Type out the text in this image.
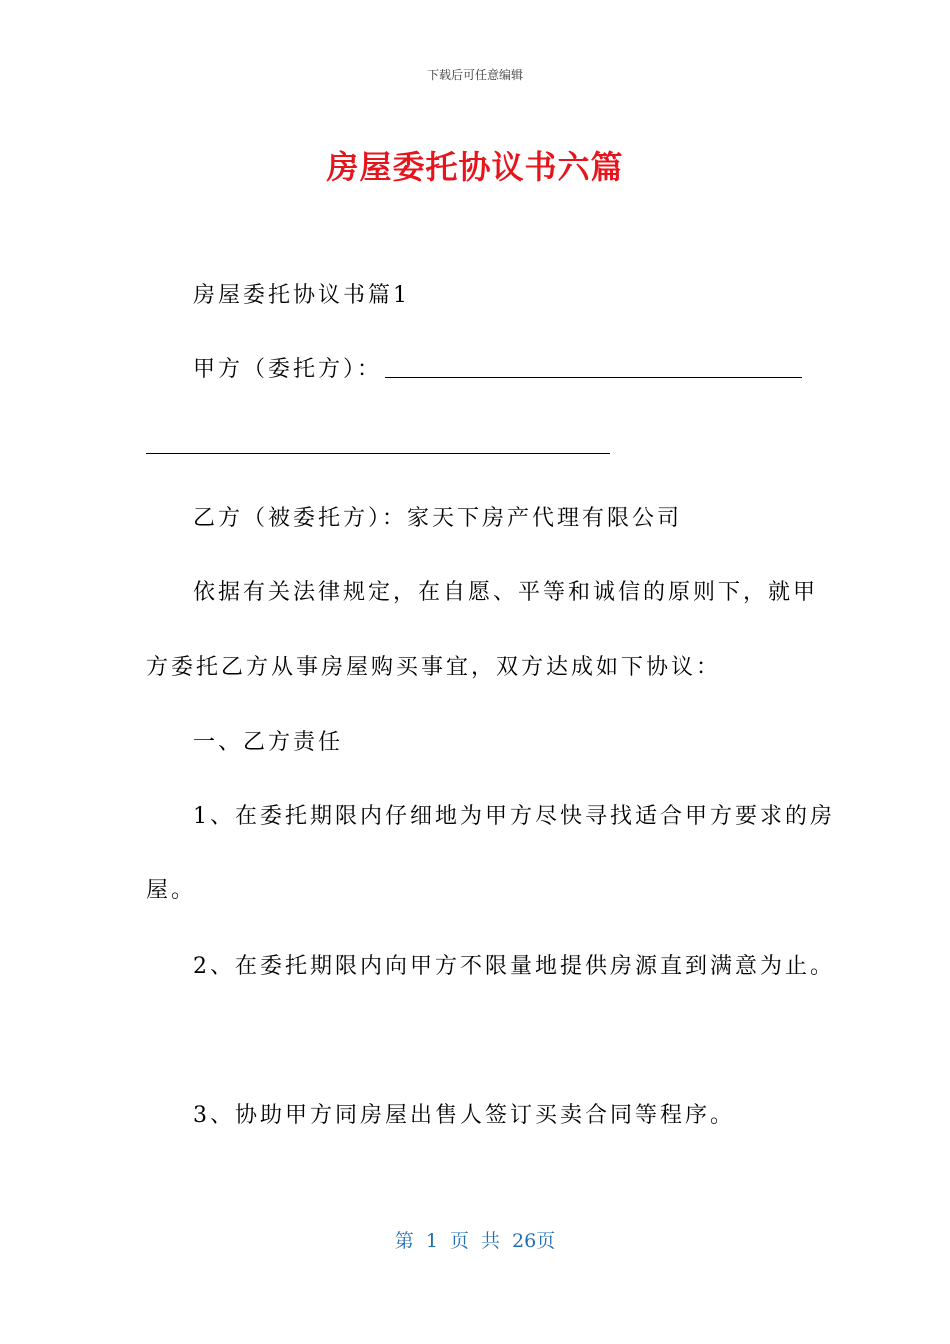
下载后可任意编辑
房屋委托协议书六篇
房屋委托协议书篇1
甲方（委托方）：
乙方（被委托方）：家天下房产代理有限公司
依据有关法律规定，在自愿、平等和诚信的原则下，就甲
方委托乙方从事房屋购买事宜，双方达成如下协议：
一、乙方责任
1、在委托期限内仔细地为甲方尽快寻找适合甲方要求的房
屋。
2、在委托期限内向甲方不限量地提供房源直到满意为止。
3、协助甲方同房屋出售人签订买卖合同等程序。
第 1 页 共 26页
